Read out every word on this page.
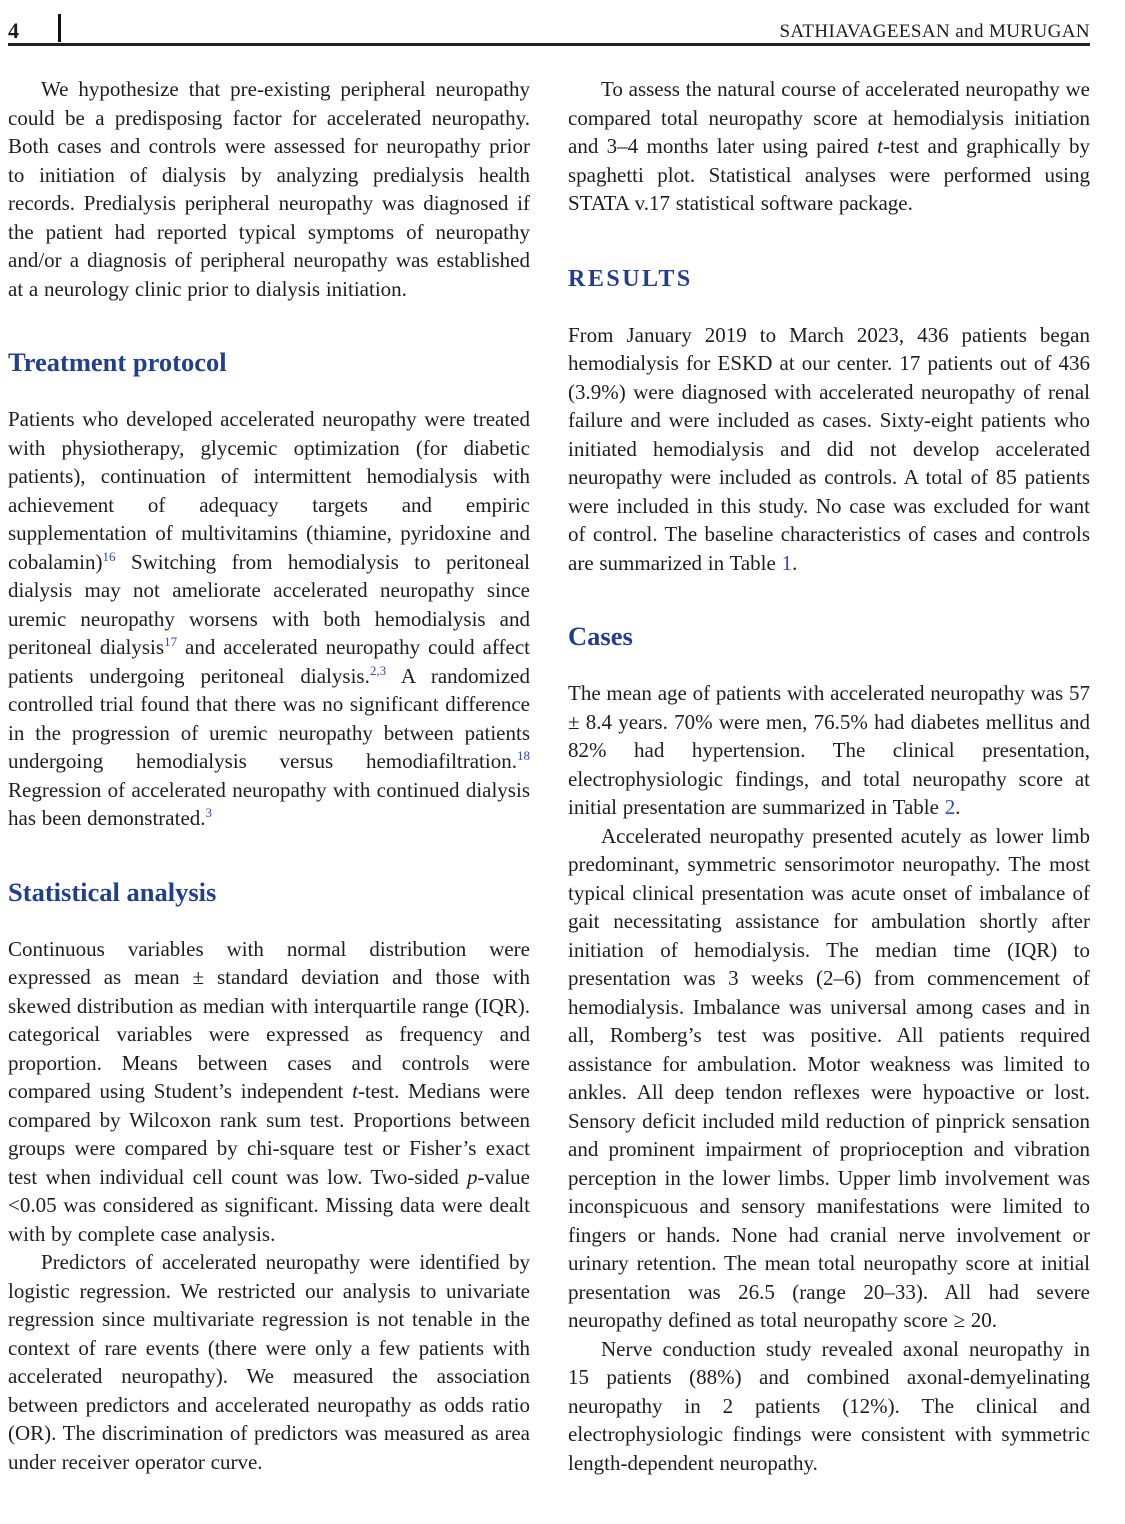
4	SATHIAVAGEESAN and MURUGAN

We hypothesize that pre-existing peripheral neuropathy could be a predisposing factor for accelerated neuropathy. Both cases and controls were assessed for neuropathy prior to initiation of dialysis by analyzing predialysis health records. Predialysis peripheral neuropathy was diagnosed if the patient had reported typical symptoms of neuropathy and/or a diagnosis of peripheral neuropathy was established at a neurology clinic prior to dialysis initiation.

Treatment protocol

Patients who developed accelerated neuropathy were treated with physiotherapy, glycemic optimization (for diabetic patients), continuation of intermittent hemodialysis with achievement of adequacy targets and empiric supplementation of multivitamins (thiamine, pyridoxine and cobalamin)$^{16}$ Switching from hemodialysis to peritoneal dialysis may not ameliorate accelerated neuropathy since uremic neuropathy worsens with both hemodialysis and peritoneal dialysis$^{17}$ and accelerated neuropathy could affect patients undergoing peritoneal dialysis.$^{2,3}$ A randomized controlled trial found that there was no significant difference in the progression of uremic neuropathy between patients undergoing hemodialysis versus hemodiafiltration.$^{18}$ Regression of accelerated neuropathy with continued dialysis has been demonstrated.$^3$

Statistical analysis

Continuous variables with normal distribution were expressed as mean ± standard deviation and those with skewed distribution as median with interquartile range (IQR). categorical variables were expressed as frequency and proportion. Means between cases and controls were compared using Student’s independent t-test. Medians were compared by Wilcoxon rank sum test. Proportions between groups were compared by chi-square test or Fisher’s exact test when individual cell count was low. Two-sided p-value <0.05 was considered as significant. Missing data were dealt with by complete case analysis.

Predictors of accelerated neuropathy were identified by logistic regression. We restricted our analysis to univariate regression since multivariate regression is not tenable in the context of rare events (there were only a few patients with accelerated neuropathy). We measured the association between predictors and accelerated neuropathy as odds ratio (OR). The discrimination of predictors was measured as area under receiver operator curve.

To assess the natural course of accelerated neuropathy we compared total neuropathy score at hemodialysis initiation and 3–4 months later using paired t-test and graphically by spaghetti plot. Statistical analyses were performed using STATA v.17 statistical software package.

RESULTS

From January 2019 to March 2023, 436 patients began hemodialysis for ESKD at our center. 17 patients out of 436 (3.9%) were diagnosed with accelerated neuropathy of renal failure and were included as cases. Sixty-eight patients who initiated hemodialysis and did not develop accelerated neuropathy were included as controls. A total of 85 patients were included in this study. No case was excluded for want of control. The baseline characteristics of cases and controls are summarized in Table 1.

Cases

The mean age of patients with accelerated neuropathy was 57 ± 8.4 years. 70% were men, 76.5% had diabetes mellitus and 82% had hypertension. The clinical presentation, electrophysiologic findings, and total neuropathy score at initial presentation are summarized in Table 2.

Accelerated neuropathy presented acutely as lower limb predominant, symmetric sensorimotor neuropathy. The most typical clinical presentation was acute onset of imbalance of gait necessitating assistance for ambulation shortly after initiation of hemodialysis. The median time (IQR) to presentation was 3 weeks (2–6) from commencement of hemodialysis. Imbalance was universal among cases and in all, Romberg’s test was positive. All patients required assistance for ambulation. Motor weakness was limited to ankles. All deep tendon reflexes were hypoactive or lost. Sensory deficit included mild reduction of pinprick sensation and prominent impairment of proprioception and vibration perception in the lower limbs. Upper limb involvement was inconspicuous and sensory manifestations were limited to fingers or hands. None had cranial nerve involvement or urinary retention. The mean total neuropathy score at initial presentation was 26.5 (range 20–33). All had severe neuropathy defined as total neuropathy score ≥ 20.

Nerve conduction study revealed axonal neuropathy in 15 patients (88%) and combined axonal-demyelinating neuropathy in 2 patients (12%). The clinical and electrophysiologic findings were consistent with symmetric length-dependent neuropathy.
